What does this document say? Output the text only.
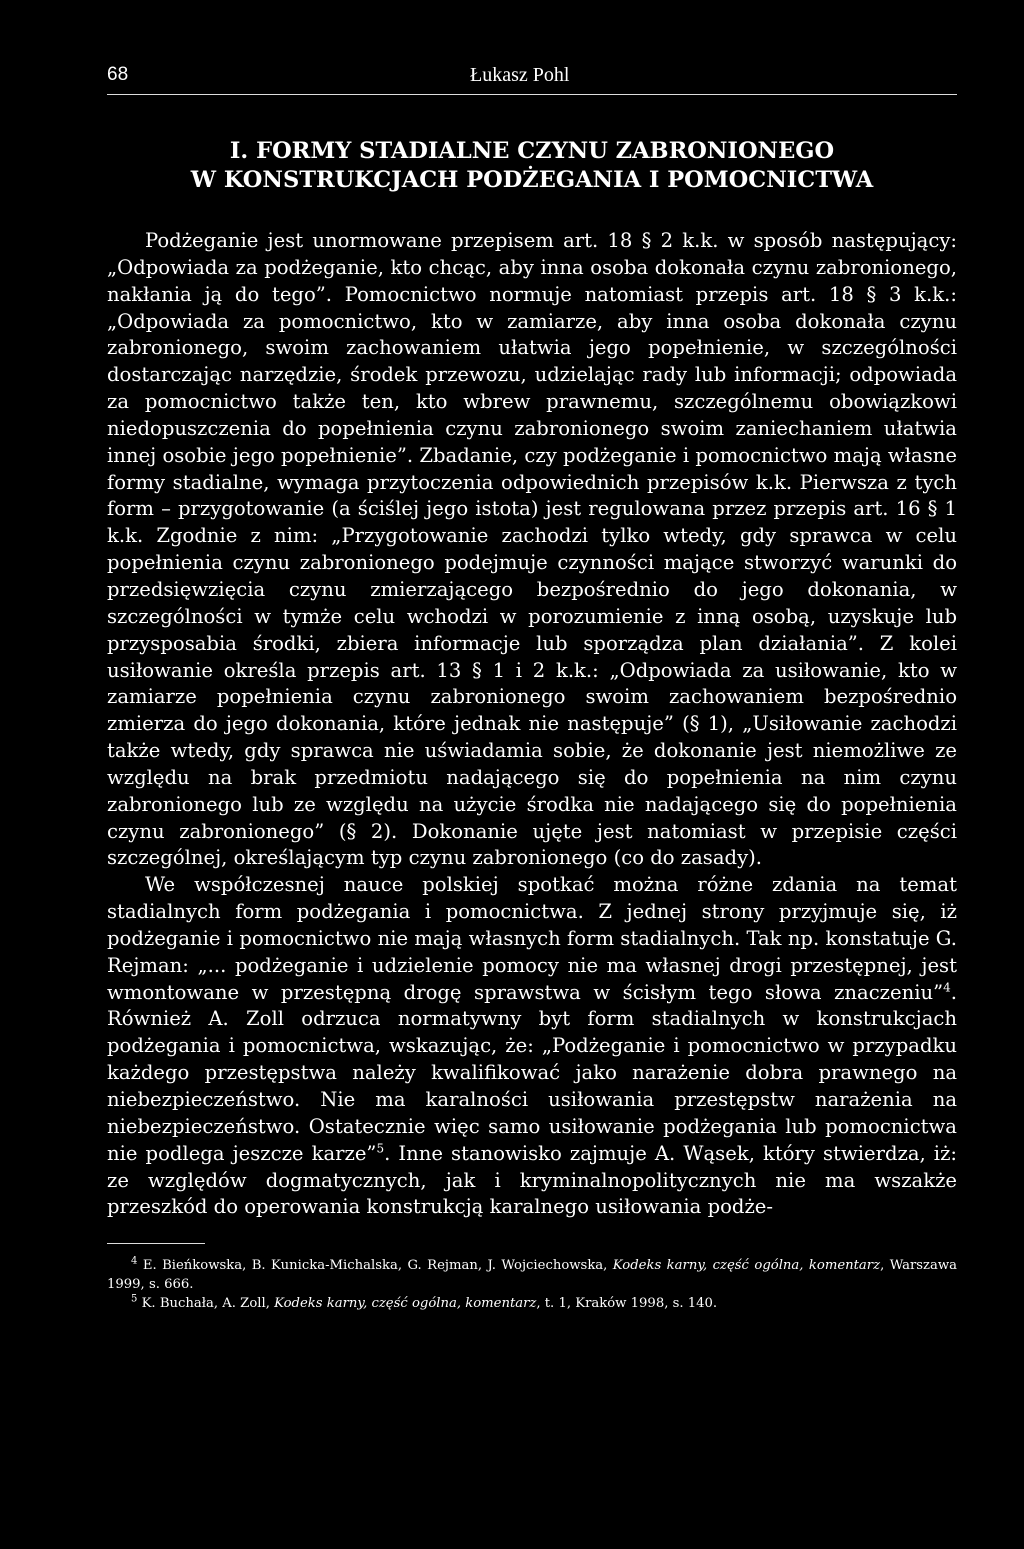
68	Łukasz Pohl
I. FORMY STADIALNE CZYNU ZABRONIONEGO
W KONSTRUKCJACH PODŻEGANIA I POMOCNICTWA

Podżeganie jest unormowane przepisem art. 18 § 2 k.k. w sposób następujący: „Odpowiada za podżeganie, kto chcąc, aby inna osoba dokonała czynu zabronionego, nakłania ją do tego”. Pomocnictwo normuje natomiast przepis art. 18 § 3 k.k.: „Odpowiada za pomocnictwo, kto w zamiarze, aby inna osoba dokonała czynu zabronionego, swoim zachowaniem ułatwia jego popełnienie, w szczególności dostarczając narzędzie, środek przewozu, udzielając rady lub informacji; odpowiada za pomocnictwo także ten, kto wbrew prawnemu, szczególnemu obowiązkowi niedopuszczenia do popełnienia czynu zabronionego swoim zaniechaniem ułatwia innej osobie jego popełnienie”. Zbadanie, czy podżeganie i pomocnictwo mają własne formy stadialne, wymaga przytoczenia odpowiednich przepisów k.k. Pierwsza z tych form – przygotowanie (a ściślej jego istota) jest regulowana przez przepis art. 16 § 1 k.k. Zgodnie z nim: „Przygotowanie zachodzi tylko wtedy, gdy sprawca w celu popełnienia czynu zabronionego podejmuje czynności mające stworzyć warunki do przedsięwzięcia czynu zmierzającego bezpośrednio do jego dokonania, w szczególności w tymże celu wchodzi w porozumienie z inną osobą, uzyskuje lub przysposabia środki, zbiera informacje lub sporządza plan działania”. Z kolei usiłowanie określa przepis art. 13 § 1 i 2 k.k.: „Odpowiada za usiłowanie, kto w zamiarze popełnienia czynu zabronionego swoim zachowaniem bezpośrednio zmierza do jego dokonania, które jednak nie następuje” (§ 1), „Usiłowanie zachodzi także wtedy, gdy sprawca nie uświadamia sobie, że dokonanie jest niemożliwe ze względu na brak przedmiotu nadającego się do popełnienia na nim czynu zabronionego lub ze względu na użycie środka nie nadającego się do popełnienia czynu zabronionego” (§ 2). Dokonanie ujęte jest natomiast w przepisie części szczególnej, określającym typ czynu zabronionego (co do zasady).

We współczesnej nauce polskiej spotkać można różne zdania na temat stadialnych form podżegania i pomocnictwa. Z jednej strony przyjmuje się, iż podżeganie i pomocnictwo nie mają własnych form stadialnych. Tak np. konstatuje G. Rejman: „... podżeganie i udzielenie pomocy nie ma własnej drogi przestępnej, jest wmontowane w przestępną drogę sprawstwa w ścisłym tego słowa znaczeniu”$^4$. Również A. Zoll odrzuca normatywny byt form stadialnych w konstrukcjach podżegania i pomocnictwa, wskazując, że: „Podżeganie i pomocnictwo w przypadku każdego przestępstwa należy kwalifikować jako narażenie dobra prawnego na niebezpieczeństwo. Nie ma karalności usiłowania przestępstw narażenia na niebezpieczeństwo. Ostatecznie więc samo usiłowanie podżegania lub pomocnictwa nie podlega jeszcze karze”$^5$. Inne stanowisko zajmuje A. Wąsek, który stwierdza, iż: ze względów dogmatycznych, jak i kryminalnopolitycznych nie ma wszakże przeszkód do operowania konstrukcją karalnego usiłowania podże-

$^4$ E. Bieńkowska, B. Kunicka-Michalska, G. Rejman, J. Wojciechowska, Kodeks karny, część ogólna, komentarz, Warszawa 1999, s. 666.
$^5$ K. Buchała, A. Zoll, Kodeks karny, część ogólna, komentarz, t. 1, Kraków 1998, s. 140.
